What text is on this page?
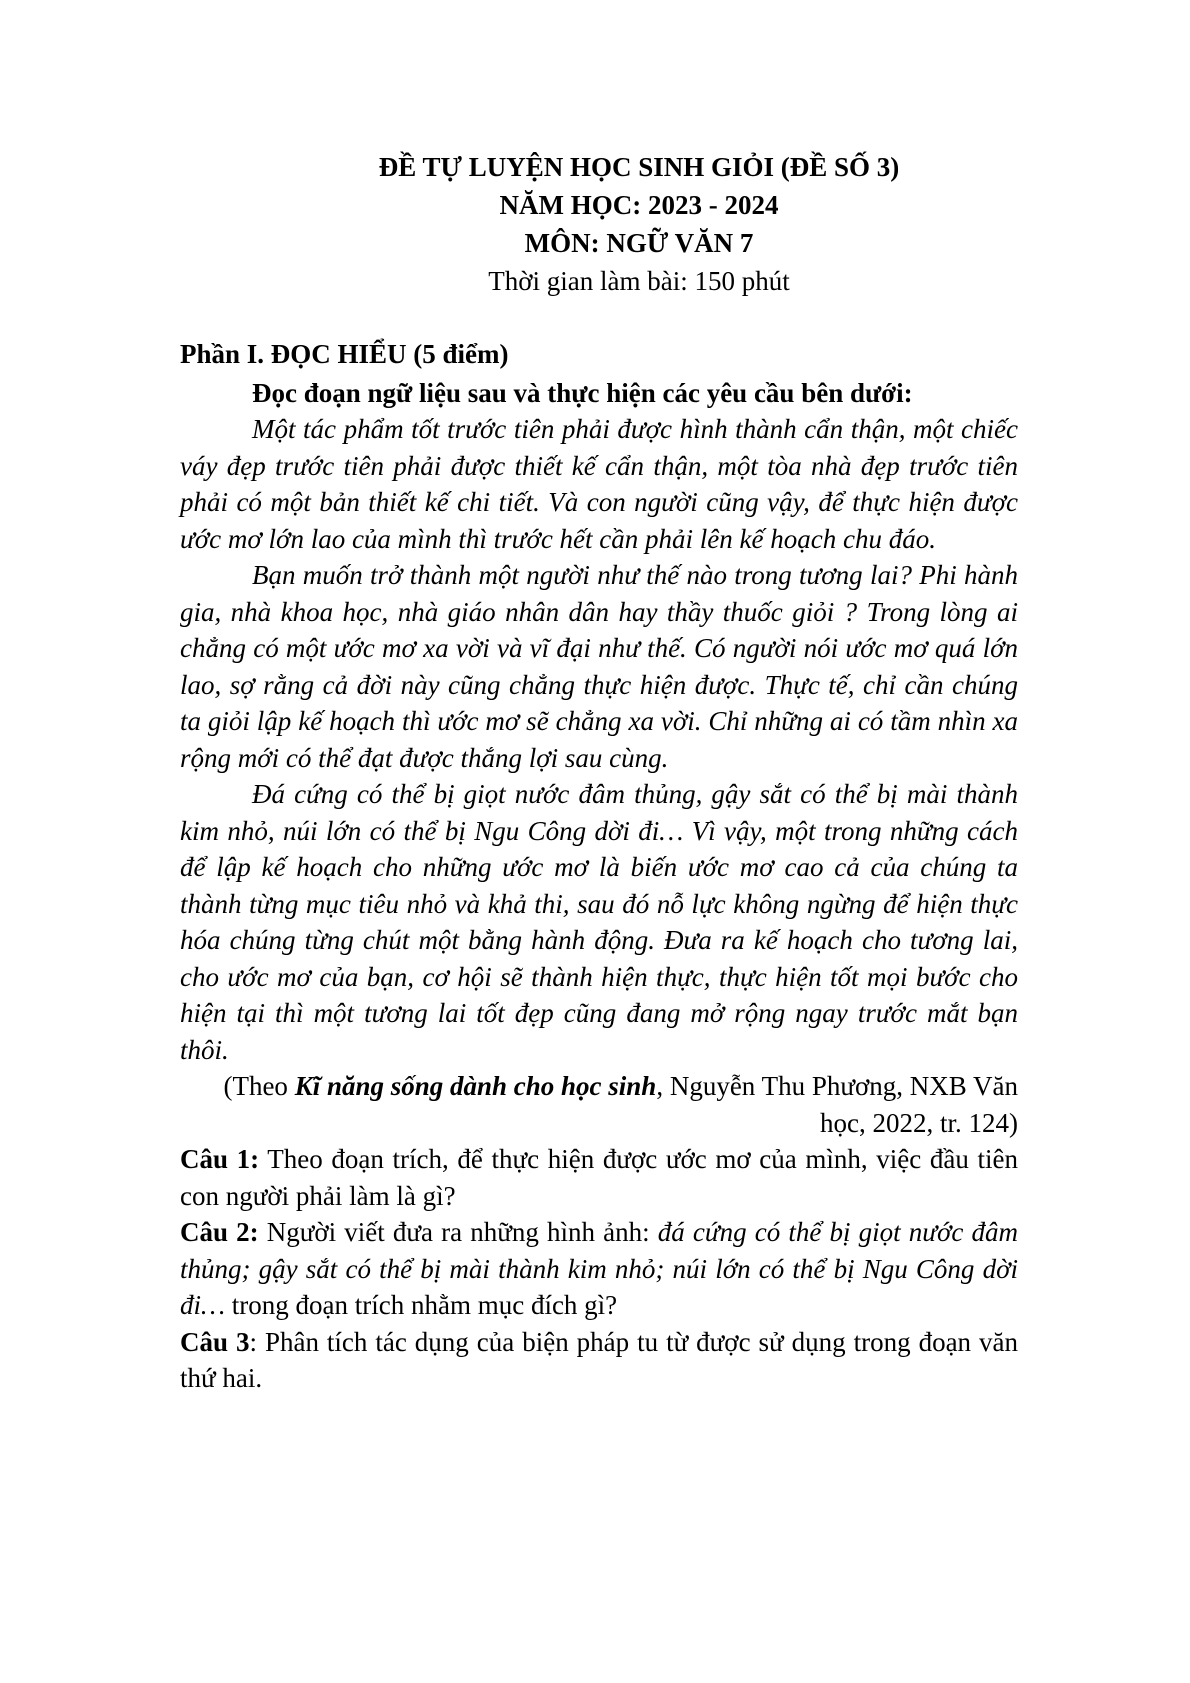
ĐỀ TỰ LUYỆN HỌC SINH GIỎI (ĐỀ SỐ 3)
NĂM HỌC: 2023 - 2024
MÔN: NGỮ VĂN 7
Thời gian làm bài: 150 phút
Phần I. ĐỌC HIỂU (5 điểm)
Đọc đoạn ngữ liệu sau và thực hiện các yêu cầu bên dưới:

Một tác phẩm tốt trước tiên phải được hình thành cẩn thận, một chiếc váy đẹp trước tiên phải được thiết kế cẩn thận, một tòa nhà đẹp trước tiên phải có một bản thiết kế chi tiết. Và con người cũng vậy, để thực hiện được ước mơ lớn lao của mình thì trước hết cần phải lên kế hoạch chu đáo.

Bạn muốn trở thành một người như thế nào trong tương lai? Phi hành gia, nhà khoa học, nhà giáo nhân dân hay thầy thuốc giỏi ? Trong lòng ai chẳng có một ước mơ xa vời và vĩ đại như thế. Có người nói ước mơ quá lớn lao, sợ rằng cả đời này cũng chẳng thực hiện được. Thực tế, chỉ cần chúng ta giỏi lập kế hoạch thì ước mơ sẽ chẳng xa vời. Chỉ những ai có tầm nhìn xa rộng mới có thể đạt được thắng lợi sau cùng.

Đá cứng có thể bị giọt nước đâm thủng, gậy sắt có thể bị mài thành kim nhỏ, núi lớn có thể bị Ngu Công dời đi… Vì vậy, một trong những cách để lập kế hoạch cho những ước mơ là biến ước mơ cao cả của chúng ta thành từng mục tiêu nhỏ và khả thi, sau đó nỗ lực không ngừng để hiện thực hóa chúng từng chút một bằng hành động. Đưa ra kế hoạch cho tương lai, cho ước mơ của bạn, cơ hội sẽ thành hiện thực, thực hiện tốt mọi bước cho hiện tại thì một tương lai tốt đẹp cũng đang mở rộng ngay trước mắt bạn thôi.

(Theo Kĩ năng sống dành cho học sinh, Nguyễn Thu Phương, NXB Văn học, 2022, tr. 124)

Câu 1: Theo đoạn trích, để thực hiện được ước mơ của mình, việc đầu tiên con người phải làm là gì?

Câu 2: Người viết đưa ra những hình ảnh: đá cứng có thể bị giọt nước đâm thủng; gậy sắt có thể bị mài thành kim nhỏ; núi lớn có thể bị Ngu Công dời đi… trong đoạn trích nhằm mục đích gì?

Câu 3: Phân tích tác dụng của biện pháp tu từ được sử dụng trong đoạn văn thứ hai.
